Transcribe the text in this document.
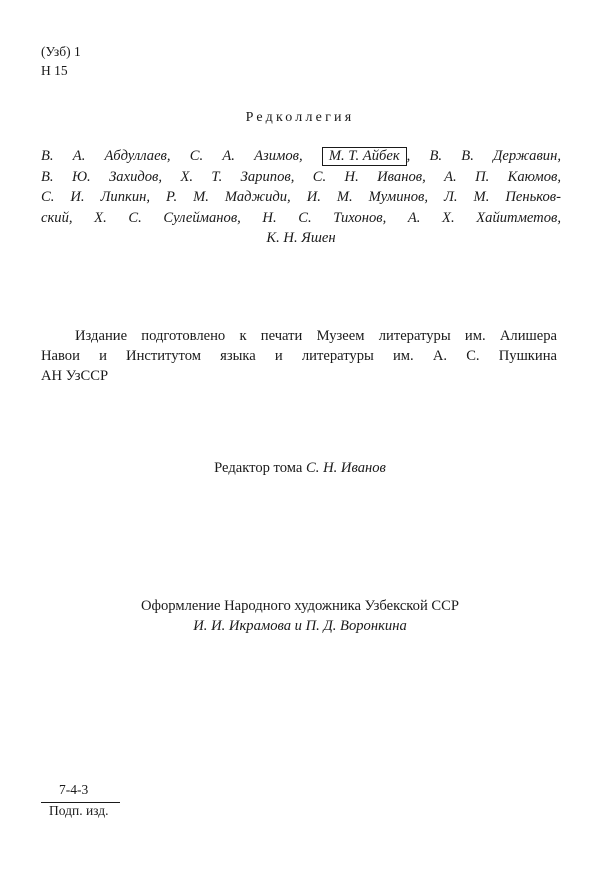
(Узб) 1
Н 15
Редколлегия
В. А. Абдуллаев, С. А. Азимов, М. Т. Айбек , В. В. Державин,
В. Ю. Захидов, Х. Т. Зарипов, С. Н. Иванов, А. П. Каюмов,
С. И. Липкин, Р. М. Маджиди, И. М. Муминов, Л. М. Пеньков-
ский, Х. С. Сулейманов, Н. С. Тихонов, А. Х. Хайитметов,
К. Н. Яшен
Издание подготовлено к печати Музеем литературы им. Алишера
Навои и Институтом языка и литературы им. А. С. Пушкина
АН УзССР
Редактор тома С. Н. Иванов
Оформление Народного художника Узбекской ССР
И. И. Икрамова и П. Д. Воронкина
7-4-3
Подп. изд.
